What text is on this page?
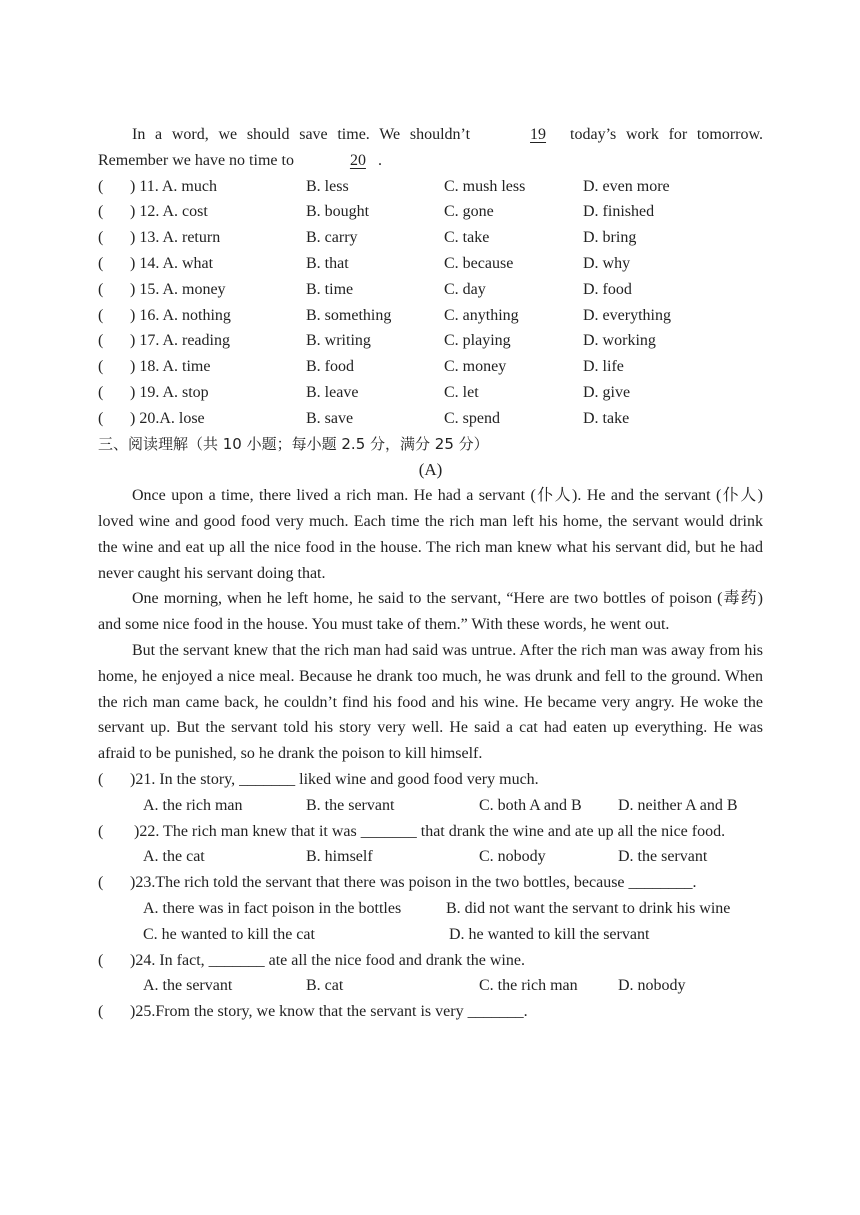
In a word, we should save time. We shouldn’t	19 today’s work for tomorrow. Remember we have no time to	20 .
( ) 11. A. much	B. less	C. mush less	D. even more
( ) 12. A. cost	B. bought	C. gone	D. finished
( ) 13. A. return	B. carry	C. take	D. bring
( ) 14. A. what	B. that	C. because	D. why
( ) 15. A. money	B. time	C. day	D. food
( ) 16. A. nothing	B. something	C. anything	D. everything
( ) 17. A. reading	B. writing	C. playing	D. working
( ) 18. A. time	B. food	C. money	D. life
( ) 19. A. stop	B. leave	C. let	D. give
( ) 20.A. lose	B. save	C. spend	D. take
三、阅读理解（共 10 小题；每小题 2.5 分，满分 25 分）
(A)
Once upon a time, there lived a rich man. He had a servant (仆人). He and the servant (仆人) loved wine and good food very much. Each time the rich man left his home, the servant would drink the wine and eat up all the nice food in the house. The rich man knew what his servant did, but he had never caught his servant doing that.
One morning, when he left home, he said to the servant, “Here are two bottles of poison (毒药) and some nice food in the house. You must take of them.” With these words, he went out.
But the servant knew that the rich man had said was untrue. After the rich man was away from his home, he enjoyed a nice meal. Because he drank too much, he was drunk and fell to the ground. When the rich man came back, he couldn’t find his food and his wine. He became very angry. He woke the servant up. But the servant told his story very well. He said a cat had eaten up everything. He was afraid to be punished, so he drank the poison to kill himself.
( )21. In the story, _______ liked wine and good food very much.
A. the rich man	B. the servant	C. both A and B D. neither A and B
( )22. The rich man knew that it was _______ that drank the wine and ate up all the nice food.
A. the cat	B. himself	C. nobody	D. the servant
( )23.The rich told the servant that there was poison in the two bottles, because ________.
A. there was in fact poison in the bottles	B. did not want the servant to drink his wine
C. he wanted to kill the cat	D. he wanted to kill the servant
( )24. In fact, _______ ate all the nice food and drank the wine.
A. the servant	B. cat	C. the rich man	D. nobody
( )25.From the story, we know that the servant is very _______.
